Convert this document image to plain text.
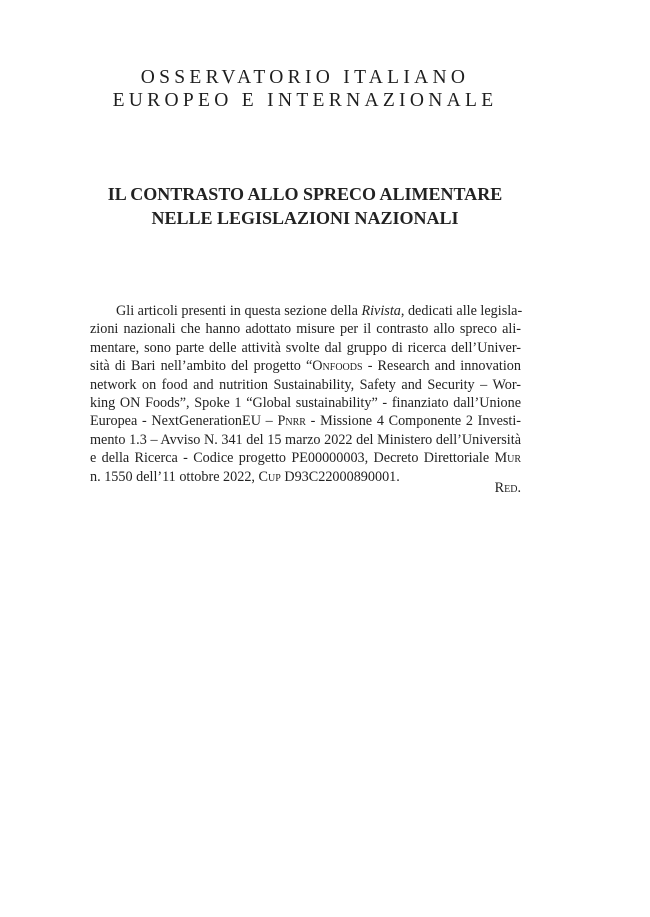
OSSERVATORIO ITALIANO
EUROPEO E INTERNAZIONALE
IL CONTRASTO ALLO SPRECO ALIMENTARE
NELLE LEGISLAZIONI NAZIONALI
Gli articoli presenti in questa sezione della Rivista, dedicati alle legisla-
zioni nazionali che hanno adottato misure per il contrasto allo spreco ali-
mentare, sono parte delle attività svolte dal gruppo di ricerca dell’Univer-
sità di Bari nell’ambito del progetto “Onfoods - Research and innovation
network on food and nutrition Sustainability, Safety and Security – Wor-
king ON Foods”, Spoke 1 “Global sustainability” - finanziato dall’Unione
Europea - NextGenerationEU – Pnrr - Missione 4 Componente 2 Investi-
mento 1.3 – Avviso N. 341 del 15 marzo 2022 del Ministero dell’Università
e della Ricerca - Codice progetto PE00000003, Decreto Direttoriale Mur
n. 1550 dell’11 ottobre 2022, Cup D93C22000890001.
Red.
